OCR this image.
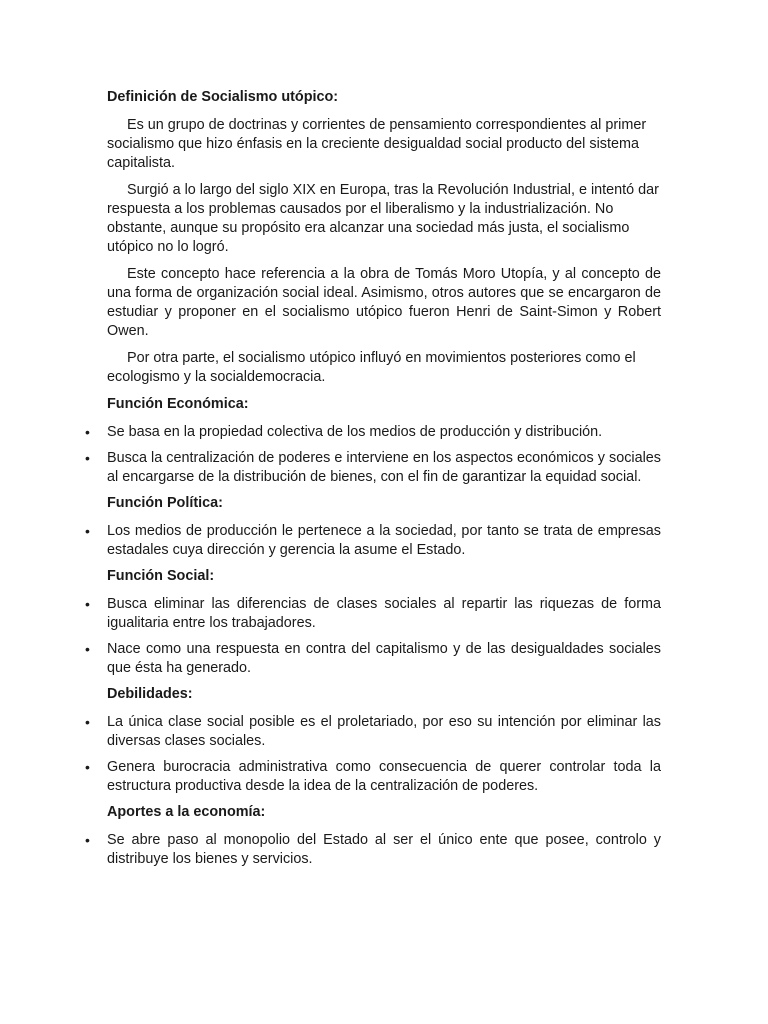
Definición de Socialismo utópico:

Es un grupo de doctrinas y corrientes de pensamiento correspondientes al primer socialismo que hizo énfasis en la creciente desigualdad social producto del sistema capitalista.

Surgió a lo largo del siglo XIX en Europa, tras la Revolución Industrial, e intentó dar respuesta a los problemas causados por el liberalismo y la industrialización. No obstante, aunque su propósito era alcanzar una sociedad más justa, el socialismo utópico no lo logró.

Este concepto hace referencia a la obra de Tomás Moro Utopía, y al concepto de una forma de organización social ideal. Asimismo, otros autores que se encargaron de estudiar y proponer en el socialismo utópico fueron Henri de Saint-Simon y Robert Owen.

Por otra parte, el socialismo utópico influyó en movimientos posteriores como el ecologismo y la socialdemocracia.

Función Económica:
• Se basa en la propiedad colectiva de los medios de producción y distribución.
• Busca la centralización de poderes e interviene en los aspectos económicos y sociales al encargarse de la distribución de bienes, con el fin de garantizar la equidad social.
Función Política:
• Los medios de producción le pertenece a la sociedad, por tanto se trata de empresas estadales cuya dirección y gerencia la asume el Estado.
Función Social:
• Busca eliminar las diferencias de clases sociales al repartir las riquezas de forma igualitaria entre los trabajadores.
• Nace como una respuesta en contra del capitalismo y de las desigualdades sociales que ésta ha generado.
Debilidades:
• La única clase social posible es el proletariado, por eso su intención por eliminar las diversas clases sociales.
• Genera burocracia administrativa como consecuencia de querer controlar toda la estructura productiva desde la idea de la centralización de poderes.
Aportes a la economía:
• Se abre paso al monopolio del Estado al ser el único ente que posee, controlo y distribuye los bienes y servicios.
